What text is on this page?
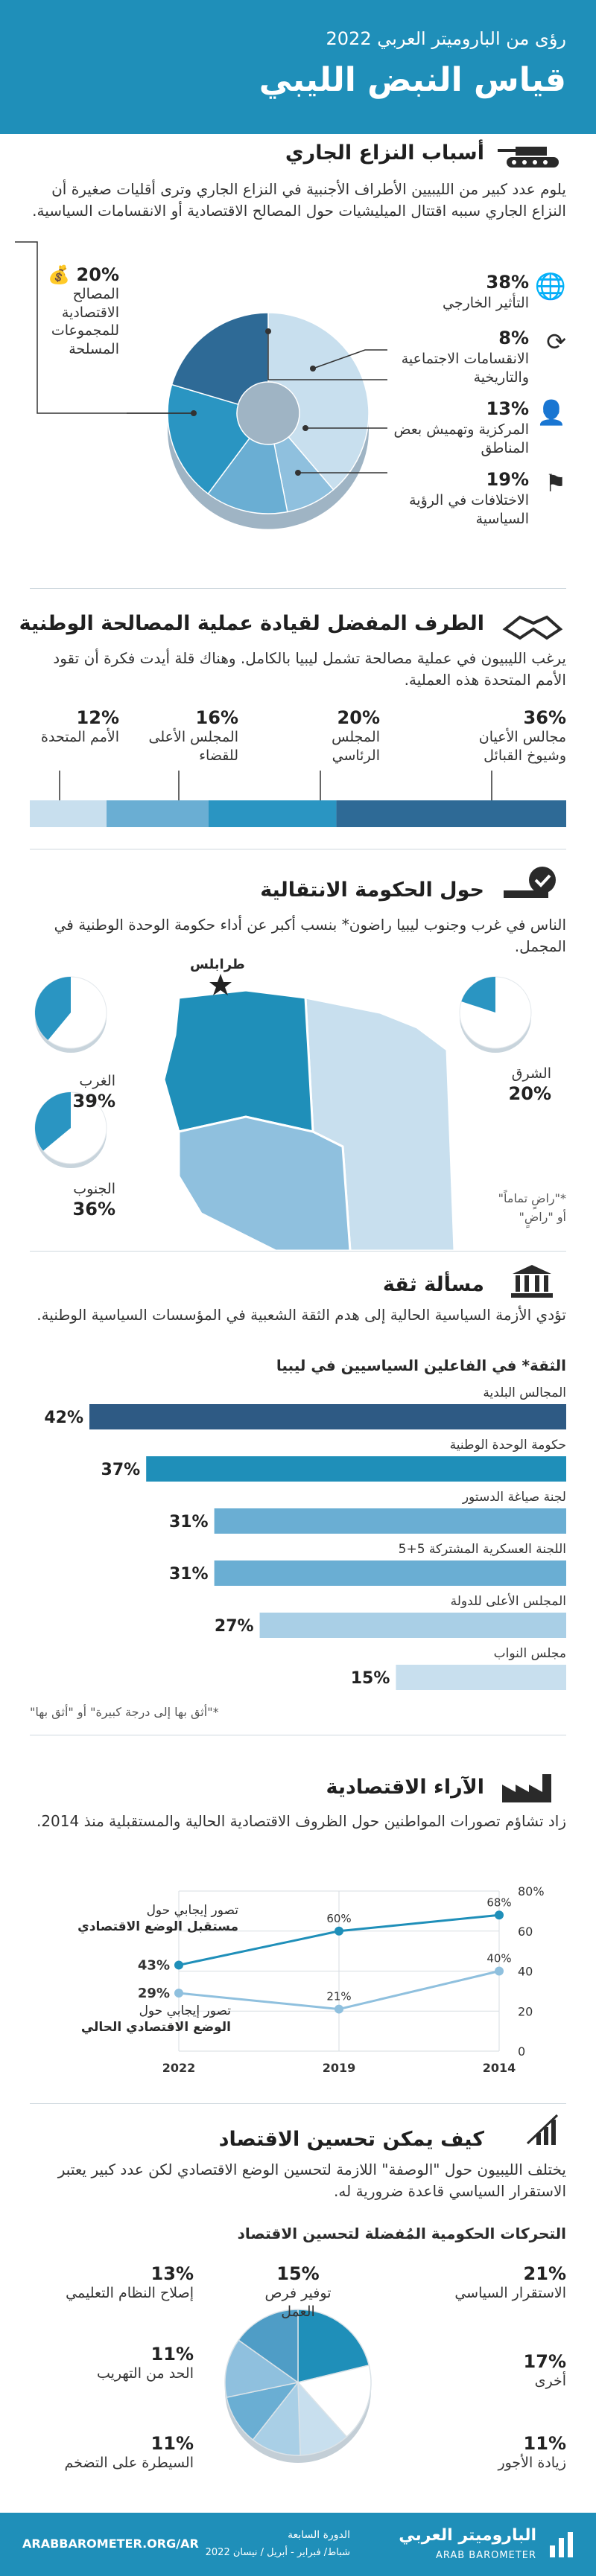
رؤى من الباروميتر العربي 2022
قياس النبض الليبي
أسباب النزاع الجاري
يلوم عدد كبير من الليبيين الأطراف الأجنبية في النزاع الجاري وترى أقليات صغيرة أن النزاع الجاري سببه اقتتال الميليشيات حول المصالح الاقتصادية أو الانقسامات السياسية.
20% 💰
المصالح الاقتصادية للمجموعات المسلحة
38% 🌐
التأثير الخارجي
8% ⟳
الانقسامات الاجتماعية والتاريخية
13% 👤
المركزية وتهميش بعض المناطق
19% ⚑
الاختلافات في الرؤية السياسية
الطرف المفضل لقيادة عملية المصالحة الوطنية
يرغب الليبيون في عملية مصالحة تشمل ليبيا بالكامل. وهناك قلة أيدت فكرة أن تقود الأمم المتحدة هذه العملية.
36%
مجالس الأعيان وشيوخ القبائل
20%
المجلس الرئاسي
16%
المجلس الأعلى للقضاء
12%
الأمم المتحدة
حول الحكومة الانتقالية
الناس في غرب وجنوب ليبيا راضون* بنسب أكبر عن أداء حكومة الوحدة الوطنية في المجمل.
طرابلس
الغرب
39%
الشرق
20%
الجنوب
36%
*"راضٍ تماماً"
أو "راضٍ"
مسألة ثقة
تؤدي الأزمة السياسية الحالية إلى هدم الثقة الشعبية في المؤسسات السياسية الوطنية.
الثقة* في الفاعلين السياسيين في ليبيا
المجالس البلدية
42%
حكومة الوحدة الوطنية
37%
لجنة صياغة الدستور
31%
اللجنة العسكرية المشتركة 5+5
31%
المجلس الأعلى للدولة
27%
مجلس النواب
15%
*"أثق بها إلى درجة كبيرة" أو "أثق بها"
الآراء الاقتصادية
زاد تشاؤم تصورات المواطنين حول الظروف الاقتصادية الحالية والمستقبلية منذ 2014.
0
20
40
60
80%
2014
2019
2022
68%
60%
43%	40%
21%
29%
تصور إيجابي حول
مستقبل الوضع الاقتصادي
تصور إيجابي حول
الوضع الاقتصادي الحالي
كيف يمكن تحسين الاقتصاد
يختلف الليبيون حول "الوصفة" اللازمة لتحسين الوضع الاقتصادي لكن عدد كبير يعتبر الاستقرار السياسي قاعدة ضرورية له.
التحركات الحكومية المُفضلة لتحسين الاقتصاد
21%
الاستقرار السياسي
17%
أخرى
11%
زيادة الأجور
11%
السيطرة على التضخم
11%
الحد من التهريب
13%
إصلاح النظام التعليمي
15%
توفير فرص العمل
الباروميتر العربي
ARAB BAROMETER
الدورة السابعة
شباط/ فبراير - أبريل / نيسان 2022
ARABBAROMETER.ORG/AR
